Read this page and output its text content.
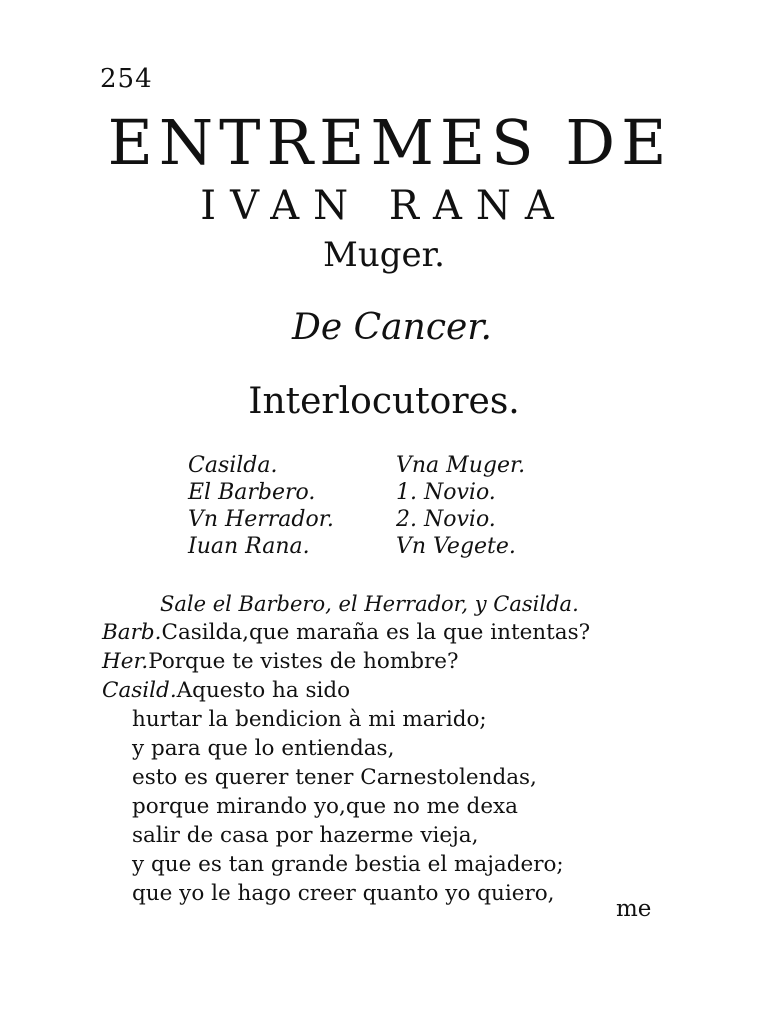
254
ENTREMES DE
IVAN RANA
Muger.
De Cancer.
Interlocutores.
Casilda.	Vna Muger.
El Barbero.	1. Novio.
Vn Herrador.	2. Novio.
Iuan Rana.	Vn Vegete.
Sale el Barbero, el Herrador, y Casilda.
Barb.Casilda,que maraña es la que intentas?
Her.Porque te vistes de hombre?
Casild.Aquesto ha sido
hurtar la bendicion à mi marido;
y para que lo entiendas,
esto es querer tener Carnestolendas,
porque mirando yo,que no me dexa
salir de casa por hazerme vieja,
y que es tan grande bestia el majadero;
que yo le hago creer quanto yo quiero,
me
